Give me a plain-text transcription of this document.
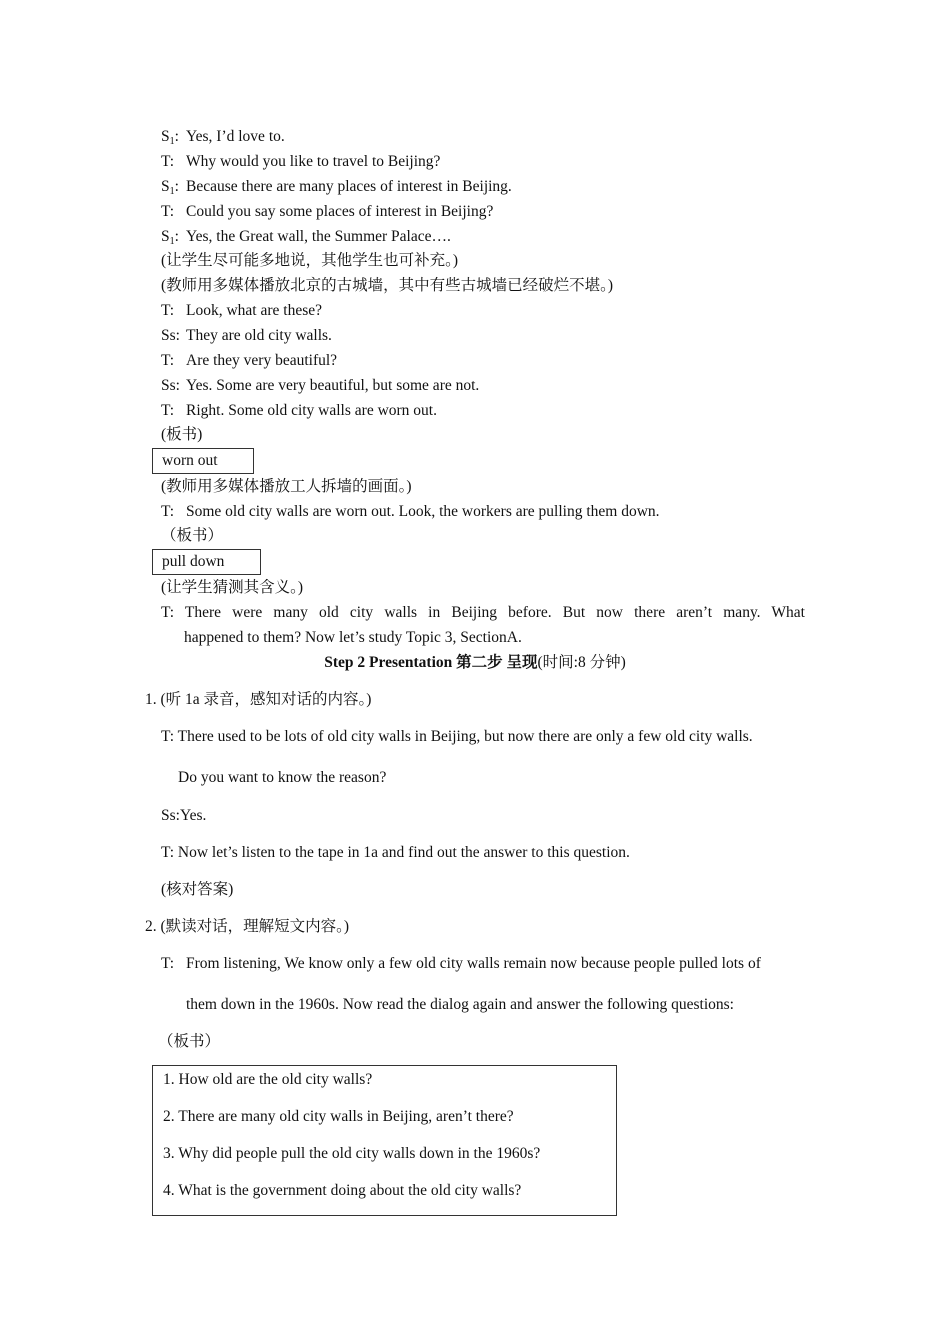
$S_1$: Yes, I’d love to.
T: Why would you like to travel to Beijing?
$S_1$: Because there are many places of interest in Beijing.
T: Could you say some places of interest in Beijing?
$S_1$: Yes, the Great wall, the Summer Palace….
(让学生尽可能多地说，其他学生也可补充。)
(教师用多媒体播放北京的古城墙，其中有些古城墙已经破烂不堪。)
T: Look, what are these?
Ss: They are old city walls.
T: Are they very beautiful?
Ss: Yes. Some are very beautiful, but some are not.
T: Right. Some old city walls are worn out.
(板书)
worn out
(教师用多媒体播放工人拆墙的画面。)
T: Some old city walls are worn out. Look, the workers are pulling them down.
（板书）
pull down
(让学生猜测其含义。)
T: There were many old city walls in Beijing before. But now there aren’t many. What
happened to them? Now let’s study Topic 3, SectionA.
Step 2 Presentation 第二步 呈现(时间:8 分钟)
1. (听 1a 录音，感知对话的内容。)
T: There used to be lots of old city walls in Beijing, but now there are only a few old city walls.
Do you want to know the reason?
Ss:Yes.
T: Now let’s listen to the tape in 1a and find out the answer to this question.
(核对答案)
2. (默读对话，理解短文内容。)
T: From listening, We know only a few old city walls remain now because people pulled lots of
them down in the 1960s. Now read the dialog again and answer the following questions:
（板书）
1. How old are the old city walls?
2. There are many old city walls in Beijing, aren’t there?
3. Why did people pull the old city walls down in the 1960s?
4. What is the government doing about the old city walls?
